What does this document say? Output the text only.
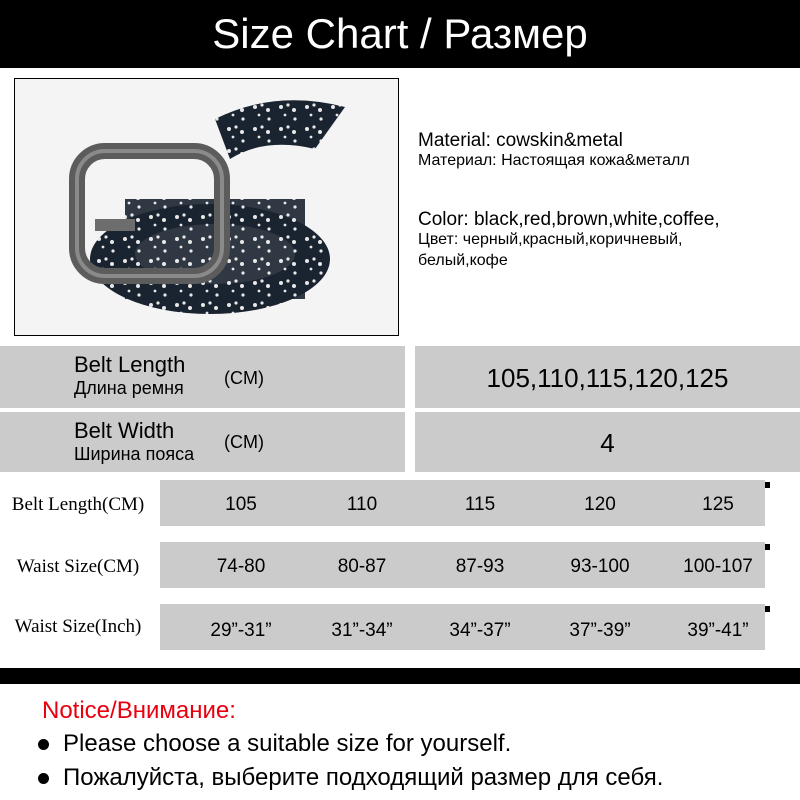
Size Chart / Размер
Material: cowskin&metal
Материал: Настоящая кожа&металл
Color: black,red,brown,white,coffee,
Цвет: черный,красный,коричневый,
белый,кофе
Belt Length
Длина ремня (CM)	105,110,115,120,125
Belt Width
Ширина пояса
(CM)	4
Belt Length(CM)	105	110	115	120	125
Waist Size(CM)	74-80	80-87	87-93	93-100	100-107
Waist Size(Inch)	29”-31”	31”-34”	34”-37”	37”-39”	39”-41”
Notice/Внимание:
Please choose a suitable size for yourself.
Пожалуйста, выберите подходящий размер для себя.
